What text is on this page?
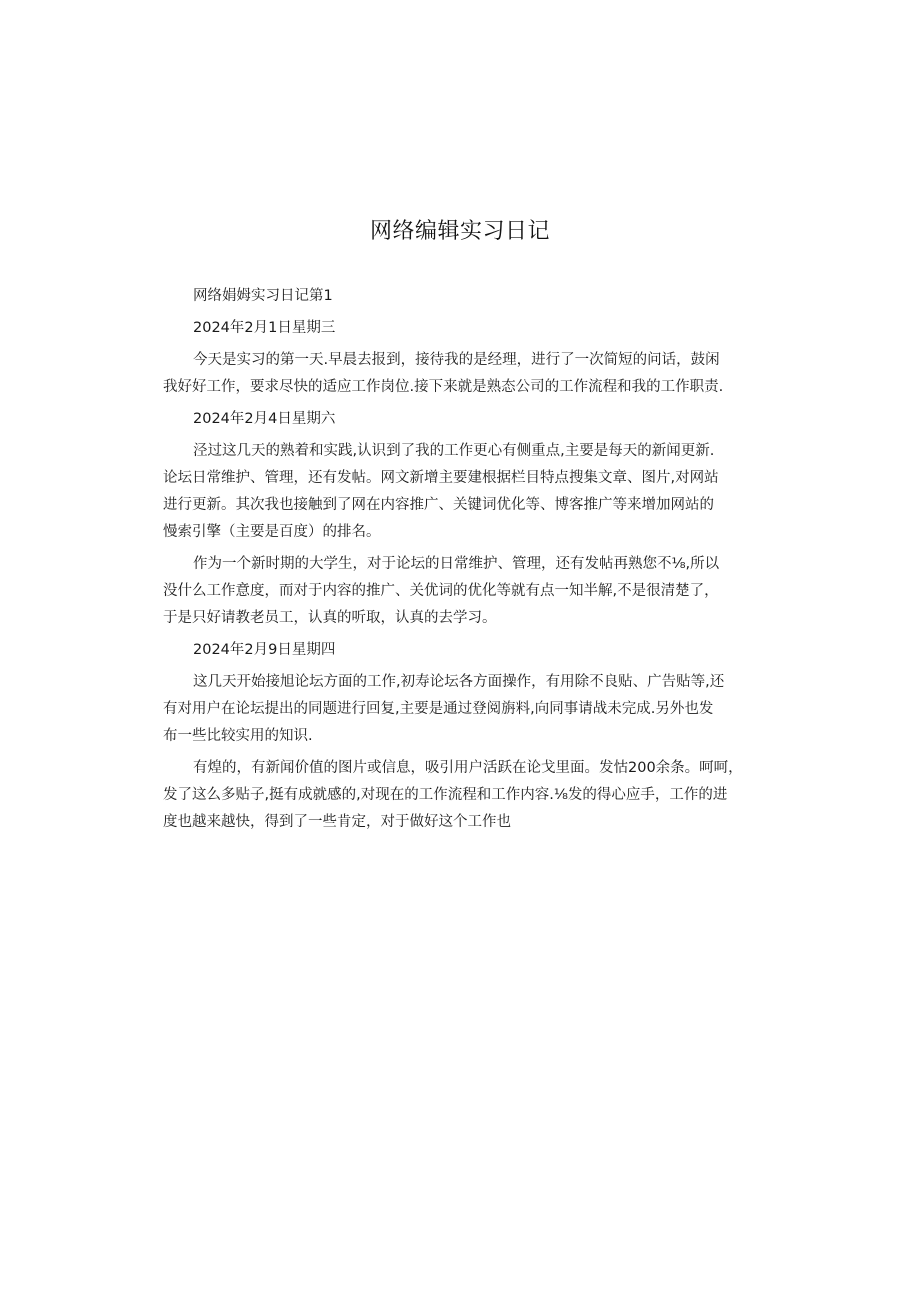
网络编辑实习日记
网络娟姆实习日记第1
2024年2月1日星期三
今天是实习的第一天.早晨去报到，接待我的是经理，进行了一次简短的问话，鼓闲
我好好工作，要求尽快的适应工作岗位.接下来就是熟态公司的工作流程和我的工作职责.
2024年2月4日星期六
泾过这几天的熟着和实践,认识到了我的工作更心有侧重点,主要是每天的新闻更新.
论坛日常维护、管理，还有发帖。网文新增主要建根据栏目特点搜集文章、图片,对网站
进行更新。其次我也接触到了网在内容推广、关键词优化等、博客推广等来增加网站的
慢索引擎（主要是百度）的排名。
作为一个新时期的大学生，对于论坛的日常维护、管理，还有发帖再熟您不⅛,所以
没什么工作意度，而对于内容的推广、关优词的优化等就有点一知半解,不是很清楚了，
于是只好请教老员工，认真的听取，认真的去学习。
2024年2月9日星期四
这几天开始接旭论坛方面的工作,初寿论坛各方面操作，有用除不良贴、广告贴等,还
有对用户在论坛提出的同题进行回复,主要是通过登阅旃料,向同事请战未完成.另外也发
布一些比较实用的知识.
有煌的，有新闻价值的图片或信息，吸引用户活跃在论戈里面。发怙200余条。呵呵，
发了这么多贴子,挺有成就感的,对现在的工作流程和工作内容.⅛发的得心应手，工作的进
度也越来越快，得到了一些肯定，对于做好这个工作也
